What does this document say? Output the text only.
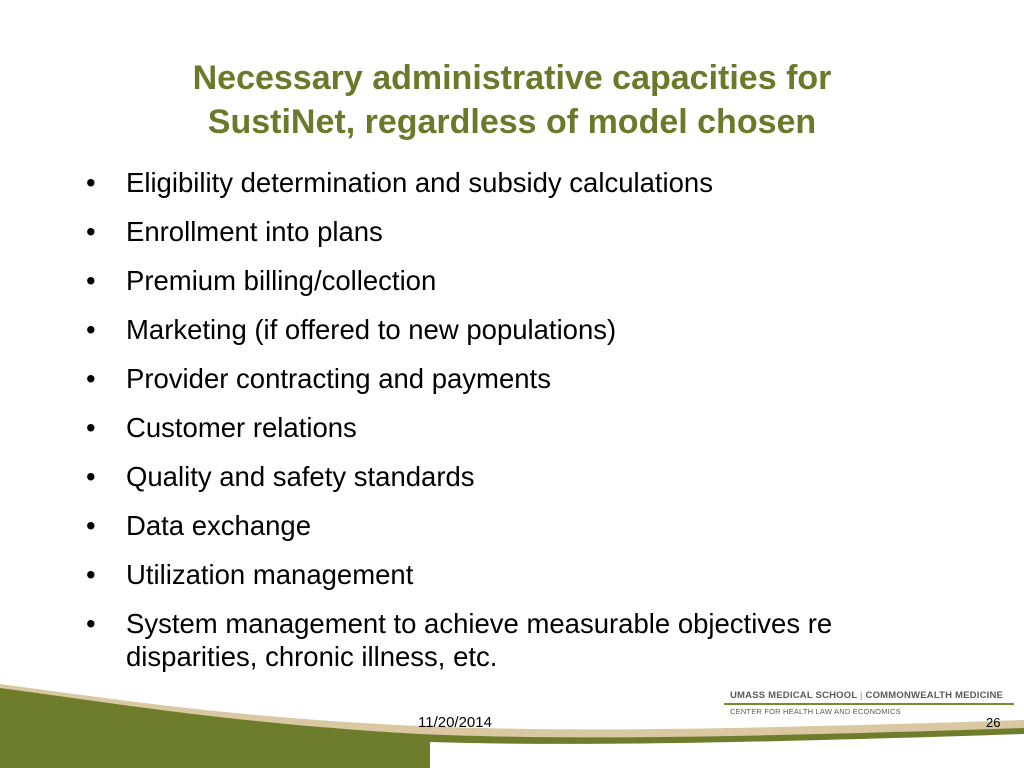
Necessary administrative capacities for
SustiNet, regardless of model chosen
• Eligibility determination and subsidy calculations
• Enrollment into plans
• Premium billing/collection
• Marketing (if offered to new populations)
• Provider contracting and payments
• Customer relations
• Quality and safety standards
• Data exchange
• Utilization management
• System management to achieve measurable objectives re disparities, chronic illness, etc.
UMASS MEDICAL SCHOOL | COMMONWEALTH MEDICINE
CENTER FOR HEALTH LAW AND ECONOMICS
11/20/2014	26
